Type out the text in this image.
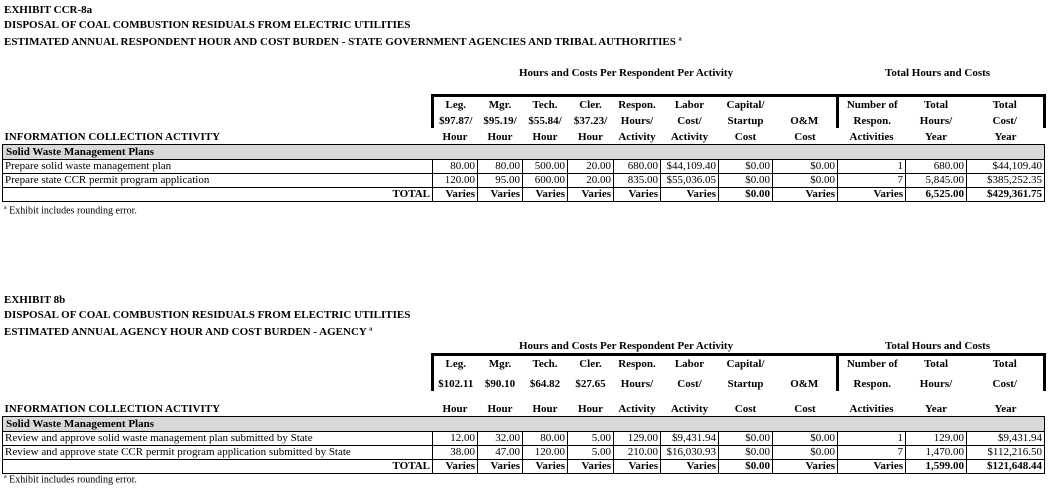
EXHIBIT CCR-8a
DISPOSAL OF COAL COMBUSTION RESIDUALS FROM ELECTRIC UTILITIES
ESTIMATED ANNUAL RESPONDENT HOUR AND COST BURDEN - STATE GOVERNMENT AGENCIES AND TRIBAL AUTHORITIES $^a$
Hours and Costs Per Respondent Per Activity	Total Hours and Costs
	Leg.	Mgr.	Tech.	Cler.	Respon.	Labor	Capital/		Number of	Total	Total
	$97.87/	$95.19/	$55.84/	$37.23/	Hours/	Cost/	Startup	O&M	Respon.	Hours/	Cost/
INFORMATION COLLECTION ACTIVITY	Hour	Hour	Hour	Hour	Activity	Activity	Cost	Cost	Activities	Year	Year
Solid Waste Management Plans											
Prepare solid waste management plan	80.00	80.00	500.00	20.00	680.00	$44,109.40	$0.00	$0.00	1	680.00	$44,109.40
Prepare state CCR permit program application	120.00	95.00	600.00	20.00	835.00	$55,036.05	$0.00	$0.00	7	5,845.00	$385,252.35
TOTAL	Varies	Varies	Varies	Varies	Varies	Varies	$0.00	Varies	Varies	6,525.00	$429,361.75
$^a$ Exhibit includes rounding error.
EXHIBIT 8b
DISPOSAL OF COAL COMBUSTION RESIDUALS FROM ELECTRIC UTILITIES
ESTIMATED ANNUAL AGENCY HOUR AND COST BURDEN - AGENCY $^a$
Hours and Costs Per Respondent Per Activity	Total Hours and Costs
	Leg.	Mgr.	Tech.	Cler.	Respon.	Labor	Capital/		Number of	Total	Total
	$102.11	$90.10	$64.82	$27.65	Hours/	Cost/	Startup	O&M	Respon.	Hours/	Cost/
INFORMATION COLLECTION ACTIVITY	Hour	Hour	Hour	Hour	Activity	Activity	Cost	Cost	Activities	Year	Year
Solid Waste Management Plans											
Review and approve solid waste management plan submitted by State	12.00	32.00	80.00	5.00	129.00	$9,431.94	$0.00	$0.00	1	129.00	$9,431.94
Review and approve state CCR permit program application submitted by State	38.00	47.00	120.00	5.00	210.00	$16,030.93	$0.00	$0.00	7	1,470.00	$112,216.50
TOTAL	Varies	Varies	Varies	Varies	Varies	Varies	$0.00	Varies	Varies	1,599.00	$121,648.44
$^a$ Exhibit includes rounding error.
